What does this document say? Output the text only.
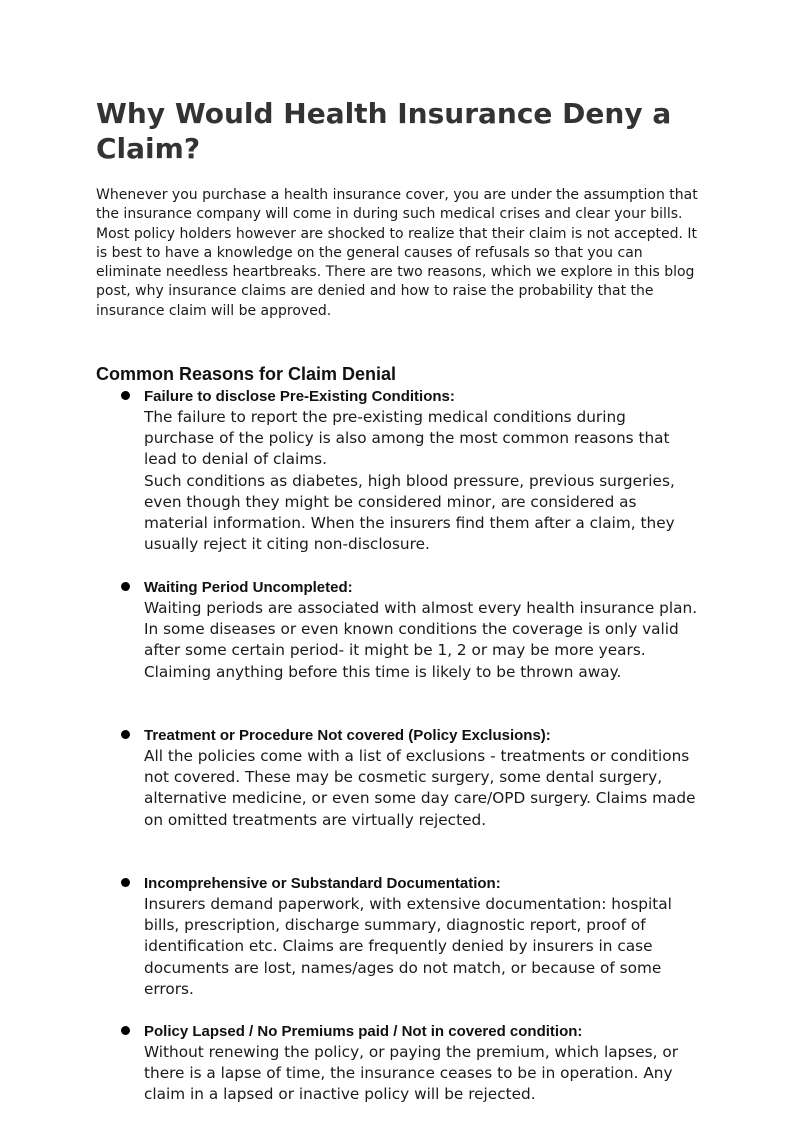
Why Would Health Insurance Deny a Claim?

Whenever you purchase a health insurance cover, you are under the assumption that the insurance company will come in during such medical crises and clear your bills. Most policy holders however are shocked to realize that their claim is not accepted. It is best to have a knowledge on the general causes of refusals so that you can eliminate needless heartbreaks. There are two reasons, which we explore in this blog post, why insurance claims are denied and how to raise the probability that the insurance claim will be approved.

Common Reasons for Claim Denial
Failure to disclose Pre-Existing Conditions:
The failure to report the pre-existing medical conditions during purchase of the policy is also among the most common reasons that lead to denial of claims.
Such conditions as diabetes, high blood pressure, previous surgeries, even though they might be considered minor, are considered as material information. When the insurers find them after a claim, they usually reject it citing non-disclosure.
Waiting Period Uncompleted:
Waiting periods are associated with almost every health insurance plan. In some diseases or even known conditions the coverage is only valid after some certain period- it might be 1, 2 or may be more years. Claiming anything before this time is likely to be thrown away.
Treatment or Procedure Not covered (Policy Exclusions):
All the policies come with a list of exclusions - treatments or conditions not covered. These may be cosmetic surgery, some dental surgery, alternative medicine, or even some day care/OPD surgery. Claims made on omitted treatments are virtually rejected.
Incomprehensive or Substandard Documentation:
Insurers demand paperwork, with extensive documentation: hospital bills, prescription, discharge summary, diagnostic report, proof of identification etc. Claims are frequently denied by insurers in case documents are lost, names/ages do not match, or because of some errors.
Policy Lapsed / No Premiums paid / Not in covered condition:
Without renewing the policy, or paying the premium, which lapses, or there is a lapse of time, the insurance ceases to be in operation. Any claim in a lapsed or inactive policy will be rejected.
